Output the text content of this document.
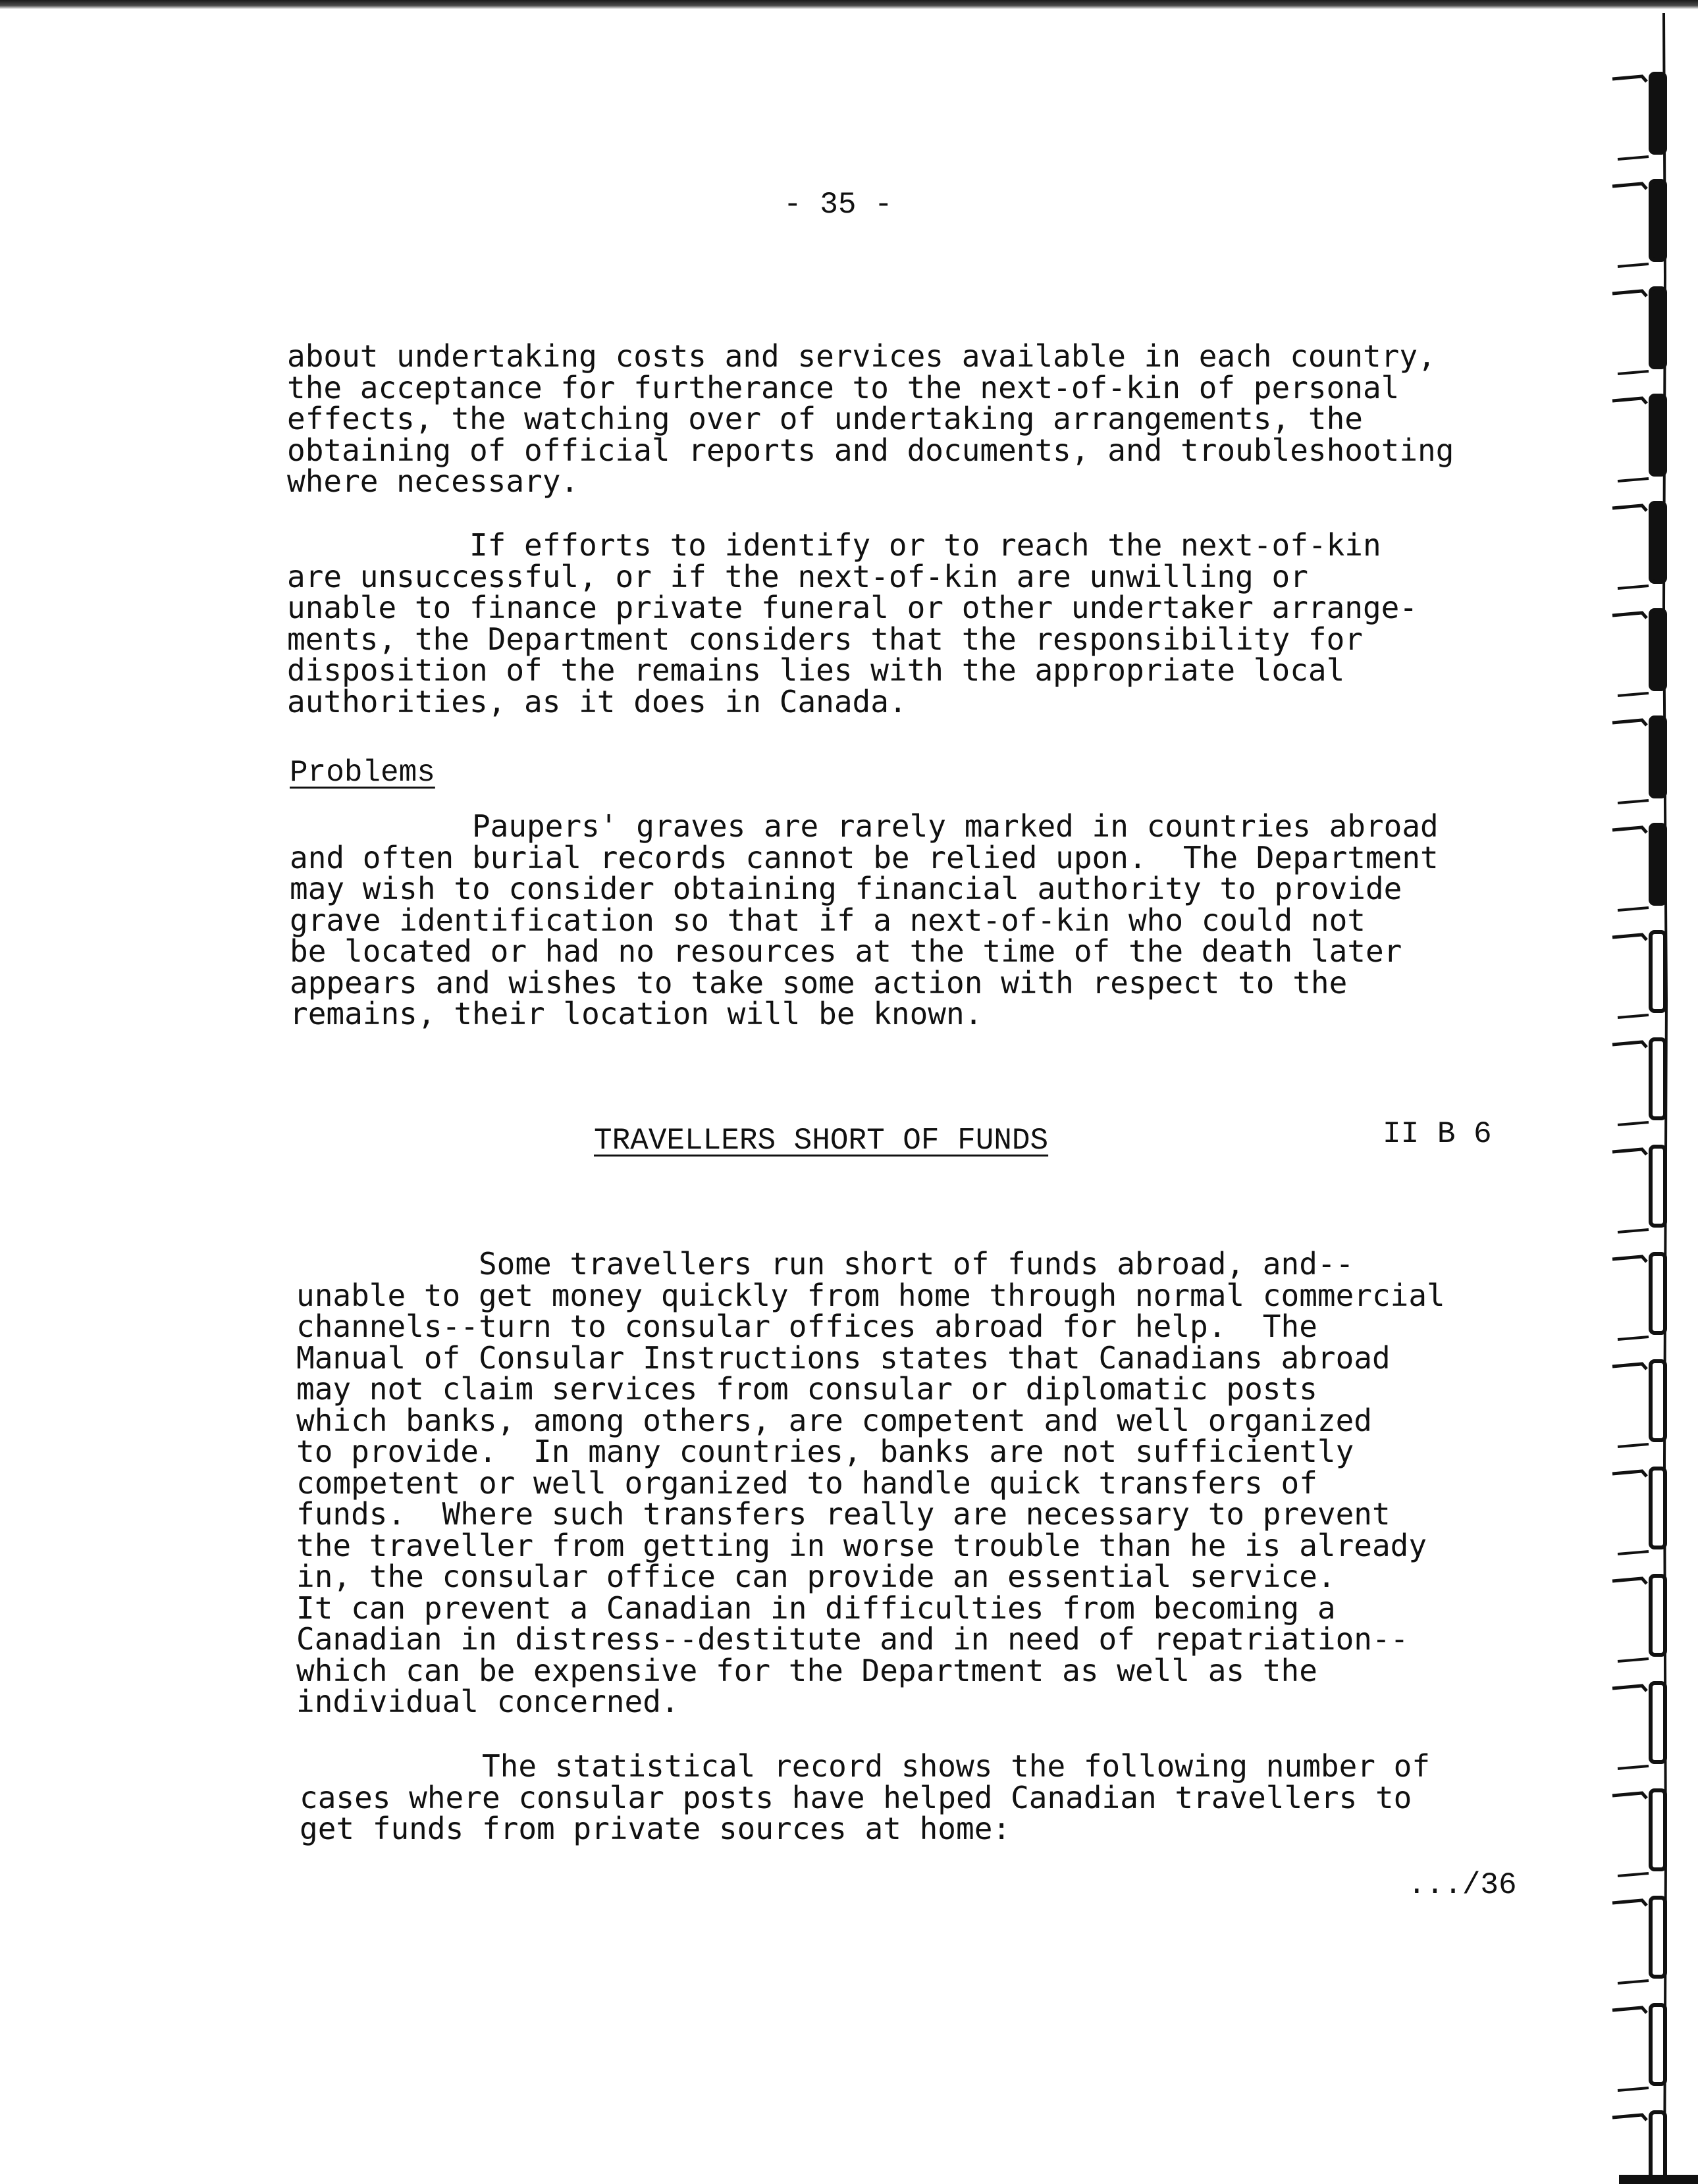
- 35 -
about undertaking costs and services available in each country,
the acceptance for furtherance to the next-of-kin of personal
effects, the watching over of undertaking arrangements, the
obtaining of official reports and documents, and troubleshooting
where necessary.
If efforts to identify or to reach the next-of-kin
are unsuccessful, or if the next-of-kin are unwilling or
unable to finance private funeral or other undertaker arrange-
ments, the Department considers that the responsibility for
disposition of the remains lies with the appropriate local
authorities, as it does in Canada.
Problems
Paupers' graves are rarely marked in countries abroad
and often burial records cannot be relied upon.  The Department
may wish to consider obtaining financial authority to provide
grave identification so that if a next-of-kin who could not
be located or had no resources at the time of the death later
appears and wishes to take some action with respect to the
remains, their location will be known.
TRAVELLERS SHORT OF FUNDS	II B 6
Some travellers run short of funds abroad, and--
unable to get money quickly from home through normal commercial
channels--turn to consular offices abroad for help.  The
Manual of Consular Instructions states that Canadians abroad
may not claim services from consular or diplomatic posts
which banks, among others, are competent and well organized
to provide.  In many countries, banks are not sufficiently
competent or well organized to handle quick transfers of
funds.  Where such transfers really are necessary to prevent
the traveller from getting in worse trouble than he is already
in, the consular office can provide an essential service.
It can prevent a Canadian in difficulties from becoming a
Canadian in distress--destitute and in need of repatriation--
which can be expensive for the Department as well as the
individual concerned.
The statistical record shows the following number of
cases where consular posts have helped Canadian travellers to
get funds from private sources at home:
.../36
